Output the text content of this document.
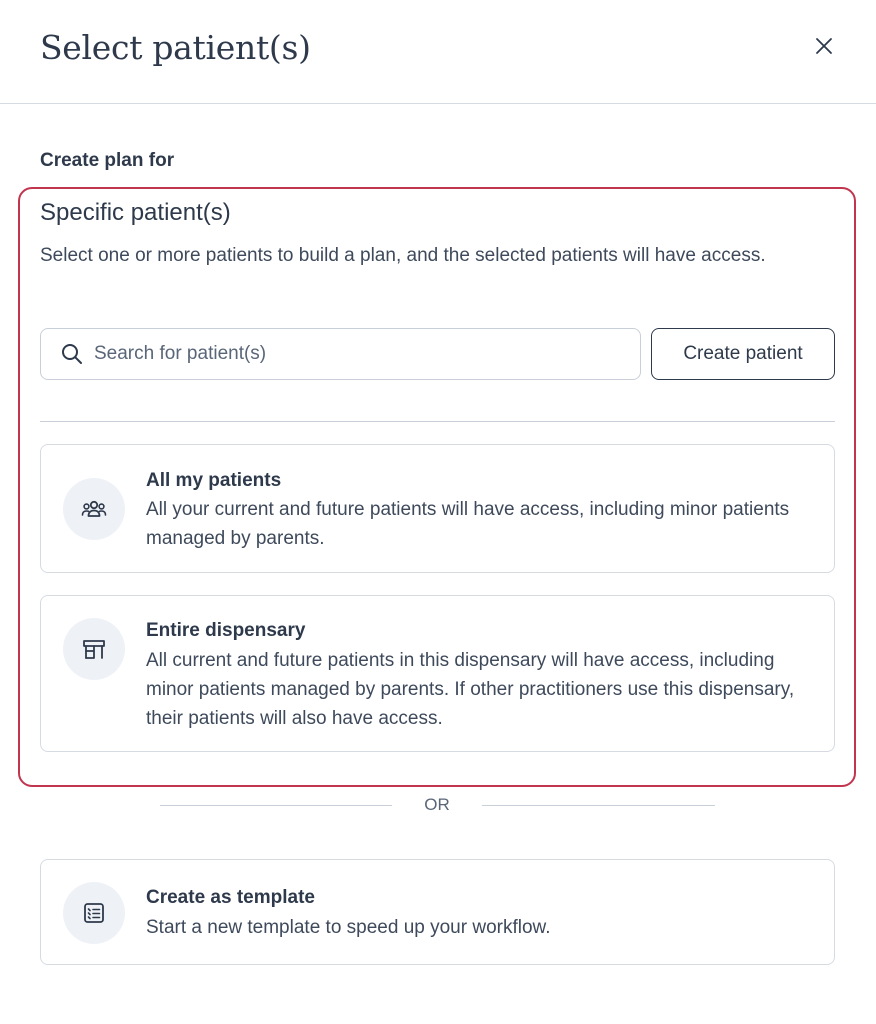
Select patient(s)
Create plan for
Specific patient(s)
Select one or more patients to build a plan, and the selected patients will have access.
Search for patient(s)
Create patient
All my patients
All your current and future patients will have access, including minor patients managed by parents.
Entire dispensary
All current and future patients in this dispensary will have access, including minor patients managed by parents. If other practitioners use this dispensary, their patients will also have access.
OR
Create as template
Start a new template to speed up your workflow.
